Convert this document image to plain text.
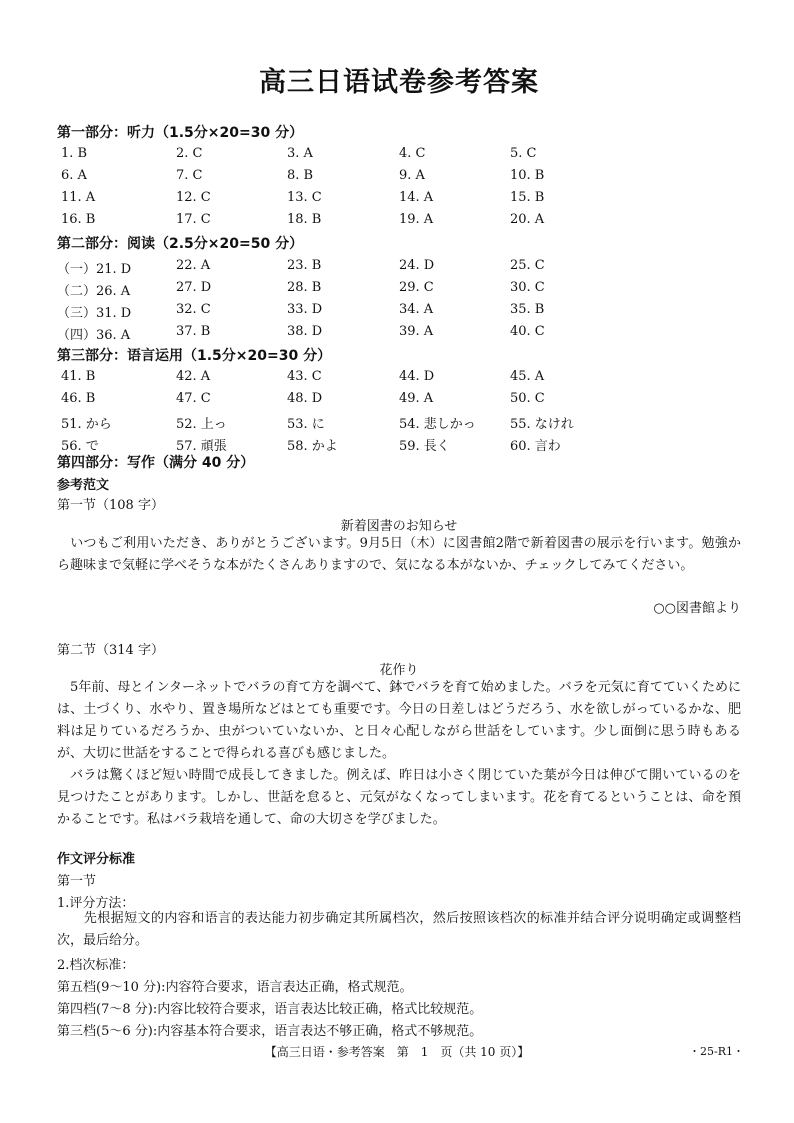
高三日语试卷参考答案
第一部分：听力（1.5分×20=30 分）
1. B	2. C	3. A	4. C	5. C
6. A	7. C	8. B	9. A	10. B
11. A	12. C	13. C	14. A	15. B
16. B	17. C	18. B	19. A	20. A
第二部分：阅读（2.5分×20=50 分）
（一）21. D	22. A	23. B	24. D	25. C
（二）26. A	27. D	28. B	29. C	30. C
（三）31. D	32. C	33. D	34. A	35. B
（四）36. A	37. B	38. D	39. A	40. C
第三部分：语言运用（1.5分×20=30 分）
41. B	42. A	43. C	44. D	45. A
46. B	47. C	48. D	49. A	50. C
51. から	52. 上っ	53. に	54. 悲しかっ	55. なけれ
56. で	57. 頑張	58. かよ	59. 長く	60. 言わ
第四部分：写作（满分 40 分）
参考范文
第一节（108 字）
新着図書のお知らせ
　いつもご利用いただき、ありがとうございます。9月5日（木）に図書館2階で新着図書の展示を行います。勉強から趣味まで気軽に学べそうな本がたくさんありますので、気になる本がないか、チェックしてみてください。
○○図書館より
第二节（314 字）
花作り
　5年前、母とインターネットでバラの育て方を調べて、鉢でバラを育て始めました。バラを元気に育てていくためには、土づくり、水やり、置き場所などはとても重要です。今日の日差しはどうだろう、水を欲しがっているかな、肥料は足りているだろうか、虫がついていないか、と日々心配しながら世話をしています。少し面倒に思う時もあるが、大切に世話をすることで得られる喜びも感じました。
　バラは驚くほど短い時間で成長してきました。例えば、昨日は小さく閉じていた葉が今日は伸びて開いているのを見つけたことがあります。しかし、世話を怠ると、元気がなくなってしまいます。花を育てるということは、命を預かることです。私はバラ栽培を通して、命の大切さを学びました。
作文评分标准
第一节
1.评分方法：
　　先根据短文的内容和语言的表达能力初步确定其所属档次，然后按照该档次的标准并结合评分说明确定或调整档次，最后给分。
2.档次标准：
第五档(9～10 分):内容符合要求，语言表达正确，格式规范。
第四档(7～8 分):内容比较符合要求，语言表达比较正确，格式比较规范。
第三档(5～6 分):内容基本符合要求，语言表达不够正确，格式不够规范。
【高三日语・参考答案　第　1　页（共 10 页）】	・25-R1・
